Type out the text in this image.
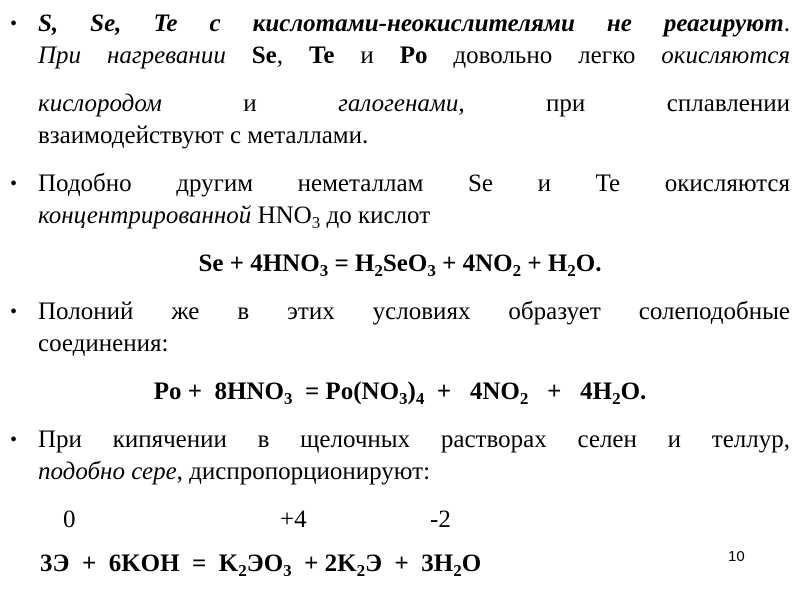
• S, Se, Te с кислотами-неокислителями не реагируют.
При нагревании Se, Te и Po довольно легко окисляются
кислородом	и	галогенами, при сплавлении
взаимодействуют с металлами.
• Подобно другим неметаллам Se и Te окисляются
концентрированной $HNO_3$ до кислот
$Se + 4HNO_3 = H_2SeO_3 + 4NO_2 + H_2O$.
• Полоний же в этих условиях образует солеподобные
соединения:
$Po + 8HNO_3 = Po(NO_3)_4 + 4NO_2 + 4H_2O$.
• При кипячении в щелочных растворах селен и теллур,
подобно сере, диспропорционируют:
0	+4	-2
$3Э + 6KOH = K_2ЭO_3 + 2K_2Э + 3H_2O$	10
